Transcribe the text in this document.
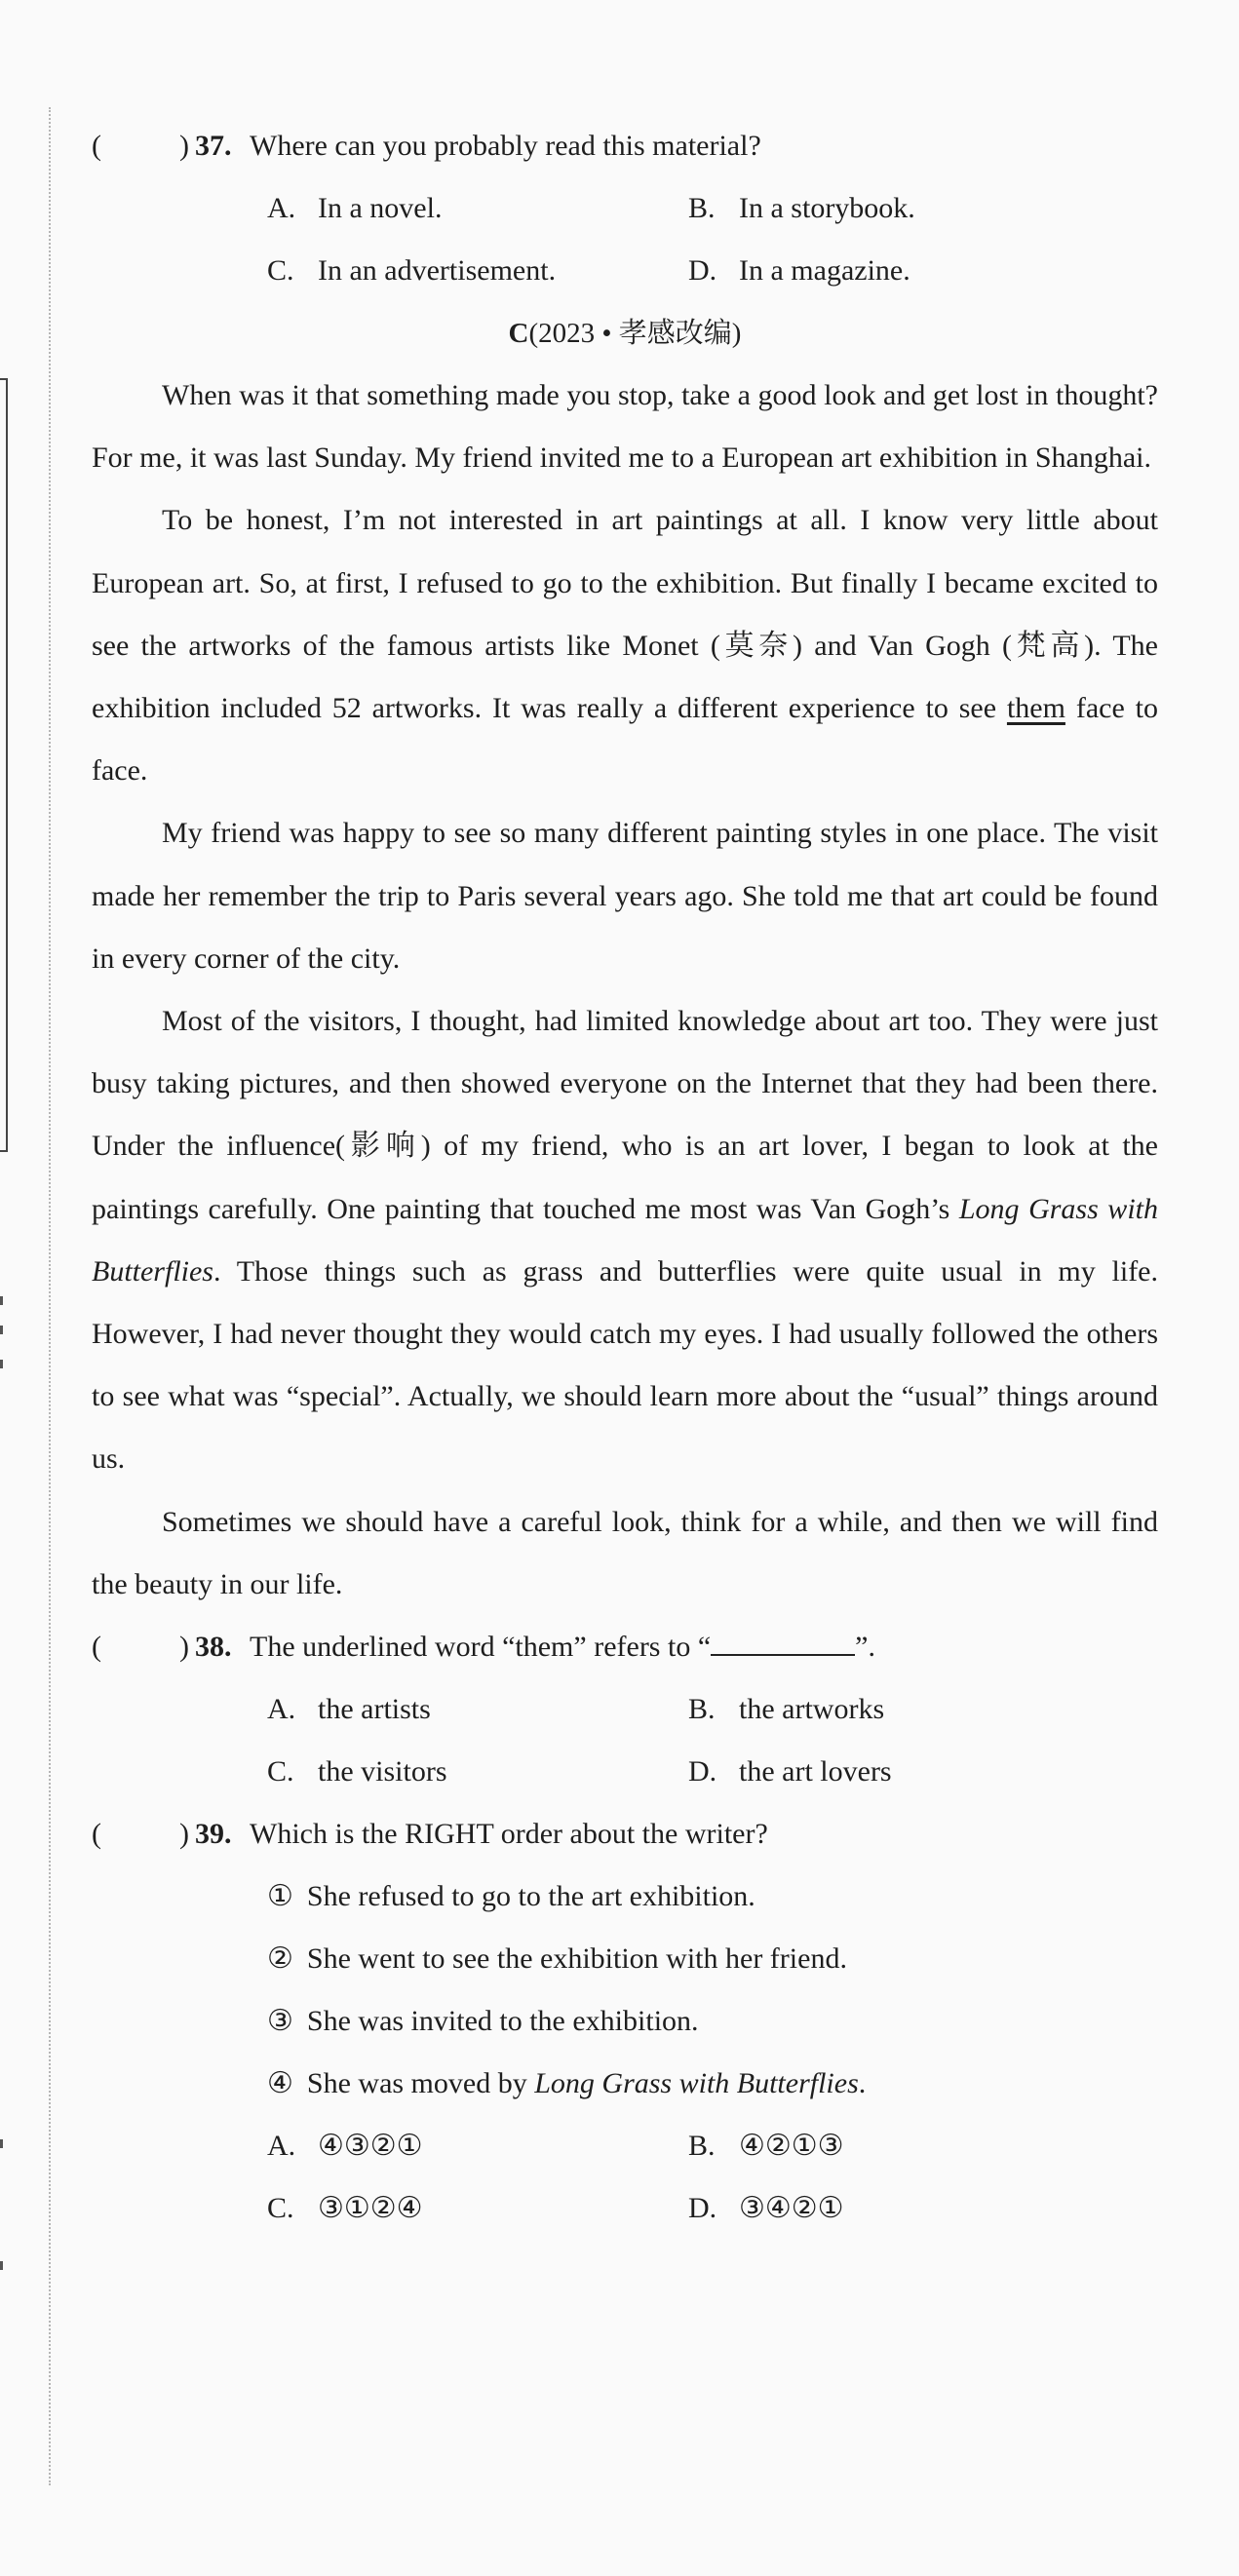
(	) 37. Where can you probably read this material?
A. In a novel.	B. In a storybook.
C. In an advertisement.	D. In a magazine.
C(2023 • 孝感改编)

When was it that something made you stop, take a good look and get lost in thought? For me, it was last Sunday. My friend invited me to a European art exhibition in Shanghai.

To be honest, I’m not interested in art paintings at all. I know very little about European art. So, at first, I refused to go to the exhibition. But finally I became excited to see the artworks of the famous artists like Monet (莫奈) and Van Gogh (梵高). The exhibition included 52 artworks. It was really a different experience to see them face to face.

My friend was happy to see so many different painting styles in one place. The visit made her remember the trip to Paris several years ago. She told me that art could be found in every corner of the city.

Most of the visitors, I thought, had limited knowledge about art too. They were just busy taking pictures, and then showed everyone on the Internet that they had been there. Under the influence(影响) of my friend, who is an art lover, I began to look at the paintings carefully. One painting that touched me most was Van Gogh’s Long Grass with Butterflies. Those things such as grass and butterflies were quite usual in my life. However, I had never thought they would catch my eyes. I had usually followed the others to see what was “special”. Actually, we should learn more about the “usual” things around us.

Sometimes we should have a careful look, think for a while, and then we will find the beauty in our life.

(	) 38. The underlined word “them” refers to “	”.
A. the artists	B. the artworks
C. the visitors	D. the art lovers
(	) 39. Which is the RIGHT order about the writer?
① She refused to go to the art exhibition.
② She went to see the exhibition with her friend.
③ She was invited to the exhibition.
④ She was moved by Long Grass with Butterflies.
A. ④③②①	B. ④②①③
C. ③①②④	D. ③④②①
